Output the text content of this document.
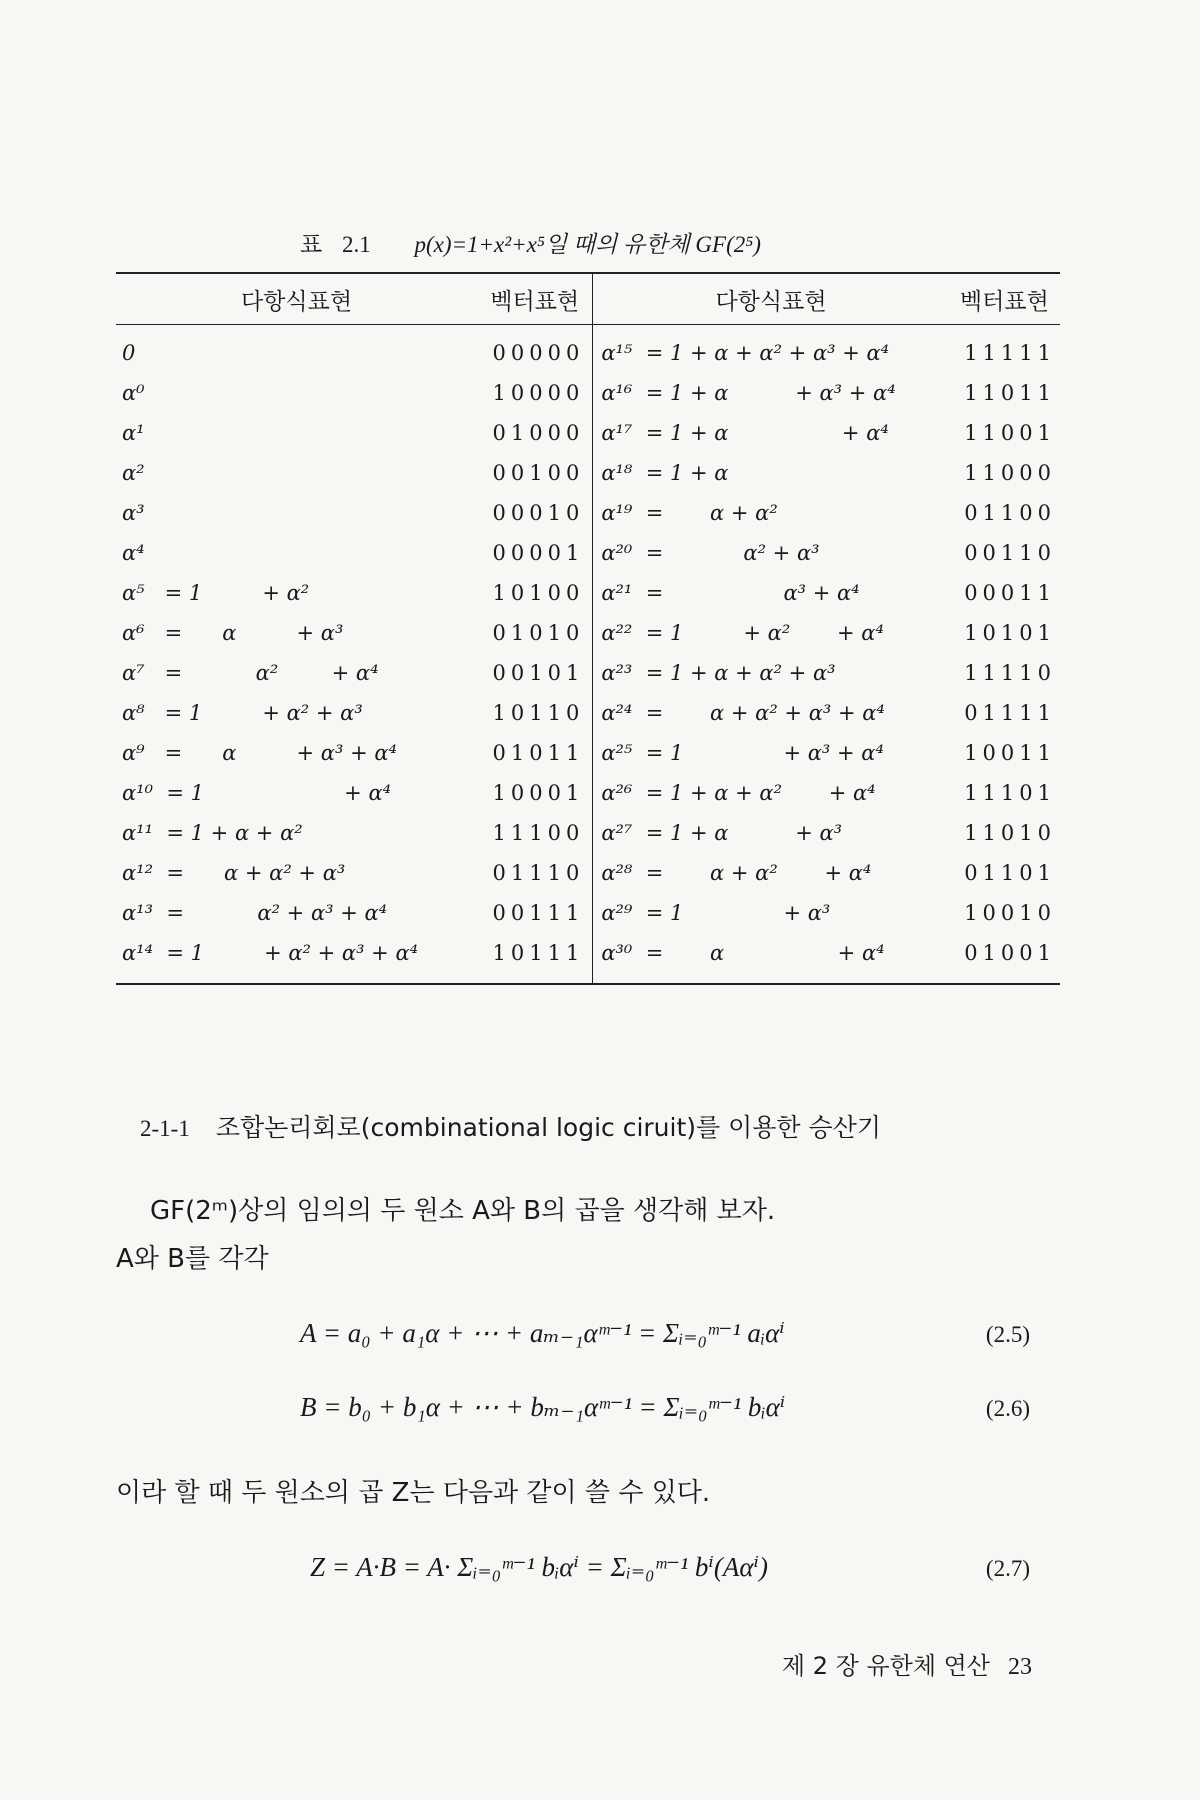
표 2.1 p(x)=1+x²+x⁵일 때의 유한체 GF(2⁵)
다항식표현	벡터표현	다항식표현	벡터표현
0	00000	α¹⁵  = 1 + α + α² + α³ + α⁴	11111
α⁰	10000	α¹⁶  = 1 + α          + α³ + α⁴	11011
α¹	01000	α¹⁷  = 1 + α                 + α⁴	11001
α²	00100	α¹⁸  = 1 + α	11000
α³	00010	α¹⁹  =       α + α²	01100
α⁴	00001	α²⁰  =            α² + α³	00110
α⁵   = 1         + α²	10100	α²¹  =                  α³ + α⁴	00011
α⁶   =      α         + α³	01010	α²²  = 1         + α²       + α⁴	10101
α⁷   =           α²        + α⁴	00101	α²³  = 1 + α + α² + α³	11110
α⁸   = 1         + α² + α³	10110	α²⁴  =       α + α² + α³ + α⁴	01111
α⁹   =      α         + α³ + α⁴	01011	α²⁵  = 1               + α³ + α⁴	10011
α¹⁰  = 1                     + α⁴	10001	α²⁶  = 1 + α + α²       + α⁴	11101
α¹¹  = 1 + α + α²	11100	α²⁷  = 1 + α          + α³	11010
α¹²  =      α + α² + α³	01110	α²⁸  =       α + α²       + α⁴	01101
α¹³  =           α² + α³ + α⁴	00111	α²⁹  = 1               + α³	10010
α¹⁴  = 1         + α² + α³ + α⁴	10111	α³⁰  =       α                 + α⁴	01001
2-1-1 조합논리회로(combinational logic ciruit)를 이용한 승산기
GF(2ᵐ)상의 임의의 두 원소 A와 B의 곱을 생각해 보자.
A와 B를 각각
A = a₀ + a₁α + ⋯ + aₘ₋₁αᵐ⁻¹ = Σᵢ₌₀ᵐ⁻¹ aᵢαⁱ	(2.5)
B = b₀ + b₁α + ⋯ + bₘ₋₁αᵐ⁻¹ = Σᵢ₌₀ᵐ⁻¹ bᵢαⁱ	(2.6)
이라 할 때 두 원소의 곱 Z는 다음과 같이 쓸 수 있다.
Z = A·B = A· Σᵢ₌₀ᵐ⁻¹ bᵢαⁱ = Σᵢ₌₀ᵐ⁻¹ bⁱ(Aαⁱ)	(2.7)
제 2 장 유한체 연산 23
